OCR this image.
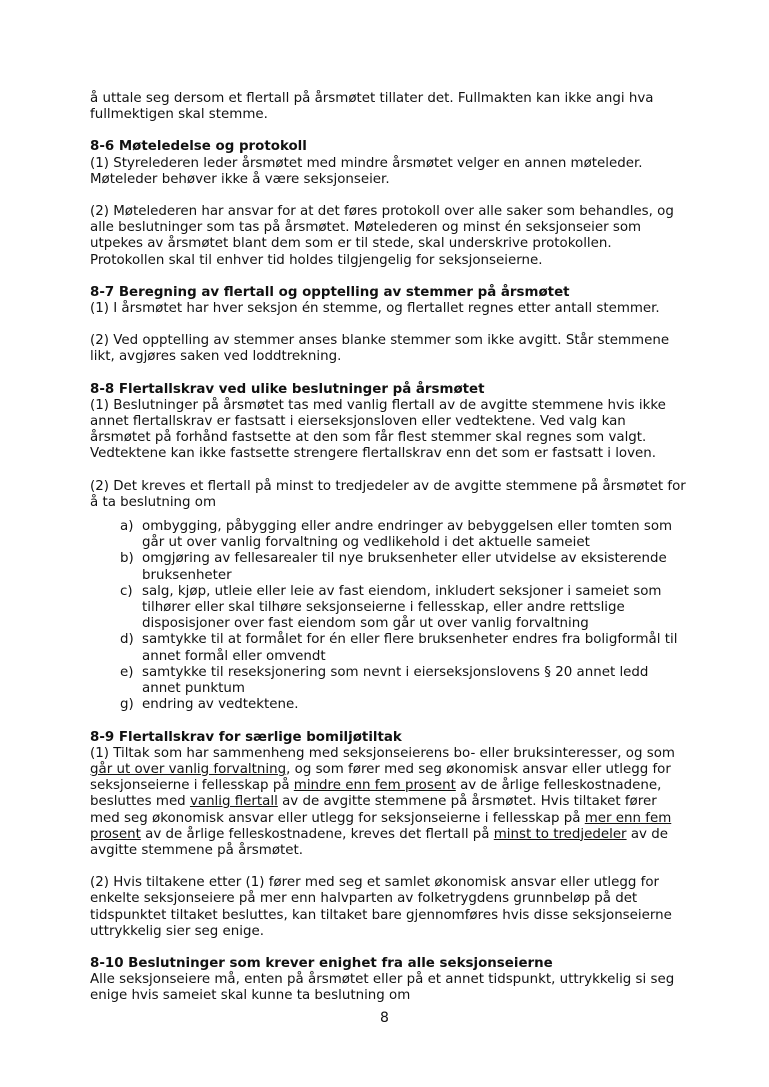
å uttale seg dersom et flertall på årsmøtet tillater det. Fullmakten kan ikke angi hva fullmektigen skal stemme.

8-6 Møteledelse og protokoll

(1) Styrelederen leder årsmøtet med mindre årsmøtet velger en annen møteleder. Møteleder behøver ikke å være seksjonseier.

(2) Møtelederen har ansvar for at det føres protokoll over alle saker som behandles, og alle beslutninger som tas på årsmøtet. Møtelederen og minst én seksjonseier som utpekes av årsmøtet blant dem som er til stede, skal underskrive protokollen. Protokollen skal til enhver tid holdes tilgjengelig for seksjonseierne.

8-7 Beregning av flertall og opptelling av stemmer på årsmøtet

(1) I årsmøtet har hver seksjon én stemme, og flertallet regnes etter antall stemmer.

(2) Ved opptelling av stemmer anses blanke stemmer som ikke avgitt. Står stemmene likt, avgjøres saken ved loddtrekning.

8-8 Flertallskrav ved ulike beslutninger på årsmøtet

(1) Beslutninger på årsmøtet tas med vanlig flertall av de avgitte stemmene hvis ikke annet flertallskrav er fastsatt i eierseksjonsloven eller vedtektene. Ved valg kan årsmøtet på forhånd fastsette at den som får flest stemmer skal regnes som valgt. Vedtektene kan ikke fastsette strengere flertallskrav enn det som er fastsatt i loven.

(2) Det kreves et flertall på minst to tredjedeler av de avgitte stemmene på årsmøtet for å ta beslutning om

a) ombygging, påbygging eller andre endringer av bebyggelsen eller tomten som går ut over vanlig forvaltning og vedlikehold i det aktuelle sameiet
b) omgjøring av fellesarealer til nye bruksenheter eller utvidelse av eksisterende bruksenheter
c) salg, kjøp, utleie eller leie av fast eiendom, inkludert seksjoner i sameiet som tilhører eller skal tilhøre seksjonseierne i fellesskap, eller andre rettslige disposisjoner over fast eiendom som går ut over vanlig forvaltning
d) samtykke til at formålet for én eller flere bruksenheter endres fra boligformål til annet formål eller omvendt
e) samtykke til reseksjonering som nevnt i eierseksjonslovens § 20 annet ledd annet punktum
g) endring av vedtektene.
8-9 Flertallskrav for særlige bomiljøtiltak

(1) Tiltak som har sammenheng med seksjonseierens bo- eller bruksinteresser, og som går ut over vanlig forvaltning, og som fører med seg økonomisk ansvar eller utlegg for seksjonseierne i fellesskap på mindre enn fem prosent av de årlige felleskostnadene, besluttes med vanlig flertall av de avgitte stemmene på årsmøtet. Hvis tiltaket fører med seg økonomisk ansvar eller utlegg for seksjonseierne i fellesskap på mer enn fem prosent av de årlige felleskostnadene, kreves det flertall på minst to tredjedeler av de avgitte stemmene på årsmøtet.

(2) Hvis tiltakene etter (1) fører med seg et samlet økonomisk ansvar eller utlegg for enkelte seksjonseiere på mer enn halvparten av folketrygdens grunnbeløp på det tidspunktet tiltaket besluttes, kan tiltaket bare gjennomføres hvis disse seksjonseierne uttrykkelig sier seg enige.

8-10 Beslutninger som krever enighet fra alle seksjonseierne

Alle seksjonseiere må, enten på årsmøtet eller på et annet tidspunkt, uttrykkelig si seg enige hvis sameiet skal kunne ta beslutning om

8
